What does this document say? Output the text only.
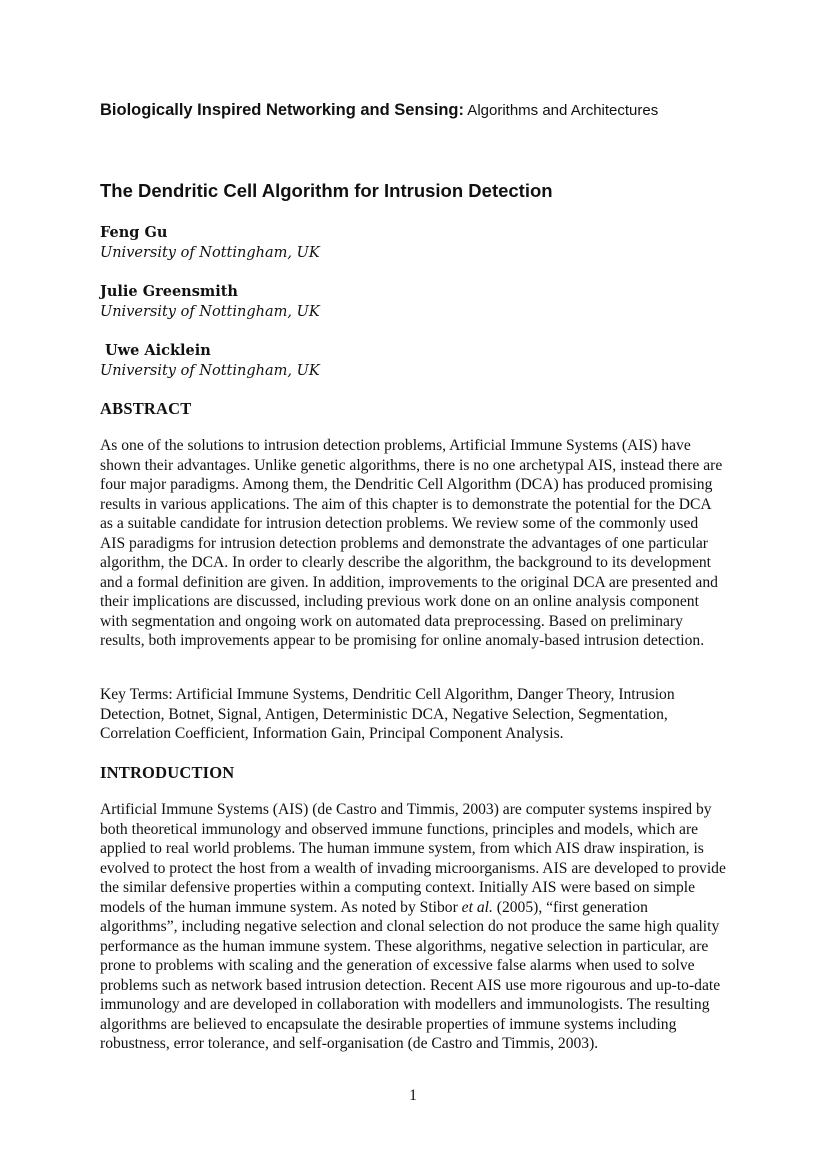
Biologically Inspired Networking and Sensing: Algorithms and Architectures
The Dendritic Cell Algorithm for Intrusion Detection
Feng Gu
University of Nottingham, UK
Julie Greensmith
University of Nottingham, UK
Uwe Aicklein
University of Nottingham, UK
ABSTRACT

As one of the solutions to intrusion detection problems, Artificial Immune Systems (AIS) have shown their advantages. Unlike genetic algorithms, there is no one archetypal AIS, instead there are four major paradigms. Among them, the Dendritic Cell Algorithm (DCA) has produced promising results in various applications. The aim of this chapter is to demonstrate the potential for the DCA as a suitable candidate for intrusion detection problems. We review some of the commonly used AIS paradigms for intrusion detection problems and demonstrate the advantages of one particular algorithm, the DCA. In order to clearly describe the algorithm, the background to its development and a formal definition are given. In addition, improvements to the original DCA are presented and their implications are discussed, including previous work done on an online analysis component with segmentation and ongoing work on automated data preprocessing. Based on preliminary results, both improvements appear to be promising for online anomaly-based intrusion detection.

Key Terms: Artificial Immune Systems, Dendritic Cell Algorithm, Danger Theory, Intrusion Detection, Botnet, Signal, Antigen, Deterministic DCA, Negative Selection, Segmentation, Correlation Coefficient, Information Gain, Principal Component Analysis.

INTRODUCTION

Artificial Immune Systems (AIS) (de Castro and Timmis, 2003) are computer systems inspired by both theoretical immunology and observed immune functions, principles and models, which are applied to real world problems. The human immune system, from which AIS draw inspiration, is evolved to protect the host from a wealth of invading microorganisms. AIS are developed to provide the similar defensive properties within a computing context. Initially AIS were based on simple models of the human immune system. As noted by Stibor et al. (2005), “first generation algorithms”, including negative selection and clonal selection do not produce the same high quality performance as the human immune system. These algorithms, negative selection in particular, are prone to problems with scaling and the generation of excessive false alarms when used to solve problems such as network based intrusion detection. Recent AIS use more rigourous and up-to-date immunology and are developed in collaboration with modellers and immunologists. The resulting algorithms are believed to encapsulate the desirable properties of immune systems including robustness, error tolerance, and self-organisation (de Castro and Timmis, 2003).

1
